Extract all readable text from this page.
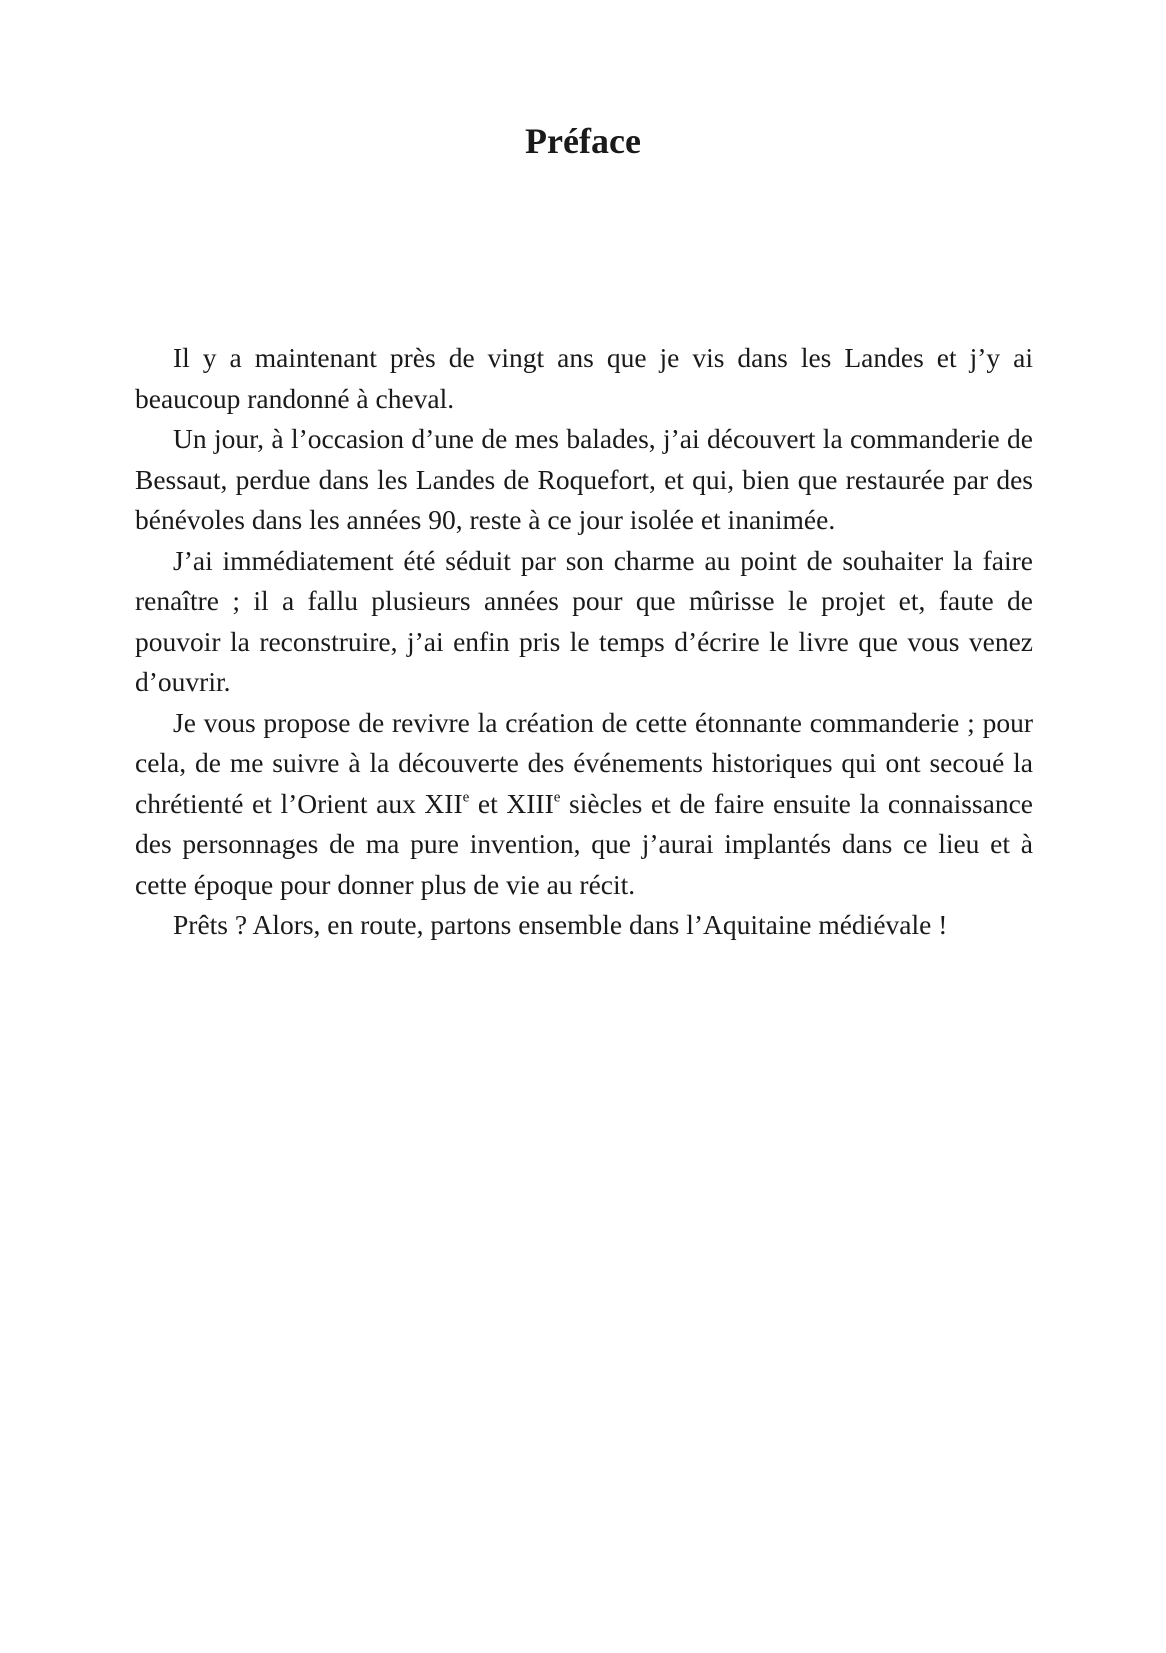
Préface

Il y a maintenant près de vingt ans que je vis dans les Landes et j’y ai beaucoup randonné à cheval.

Un jour, à l’occasion d’une de mes balades, j’ai découvert la commanderie de Bessaut, perdue dans les Landes de Roquefort, et qui, bien que restaurée par des bénévoles dans les années 90, reste à ce jour isolée et inanimée.

J’ai immédiatement été séduit par son charme au point de souhaiter la faire renaître ; il a fallu plusieurs années pour que mûrisse le projet et, faute de pouvoir la reconstruire, j’ai enfin pris le temps d’écrire le livre que vous venez d’ouvrir.

Je vous propose de revivre la création de cette étonnante commanderie ; pour cela, de me suivre à la découverte des événements historiques qui ont secoué la chrétienté et l’Orient aux XIIe et XIIIe siècles et de faire ensuite la connaissance des personnages de ma pure invention, que j’aurai implantés dans ce lieu et à cette époque pour donner plus de vie au récit.

Prêts ? Alors, en route, partons ensemble dans l’Aquitaine médiévale !
